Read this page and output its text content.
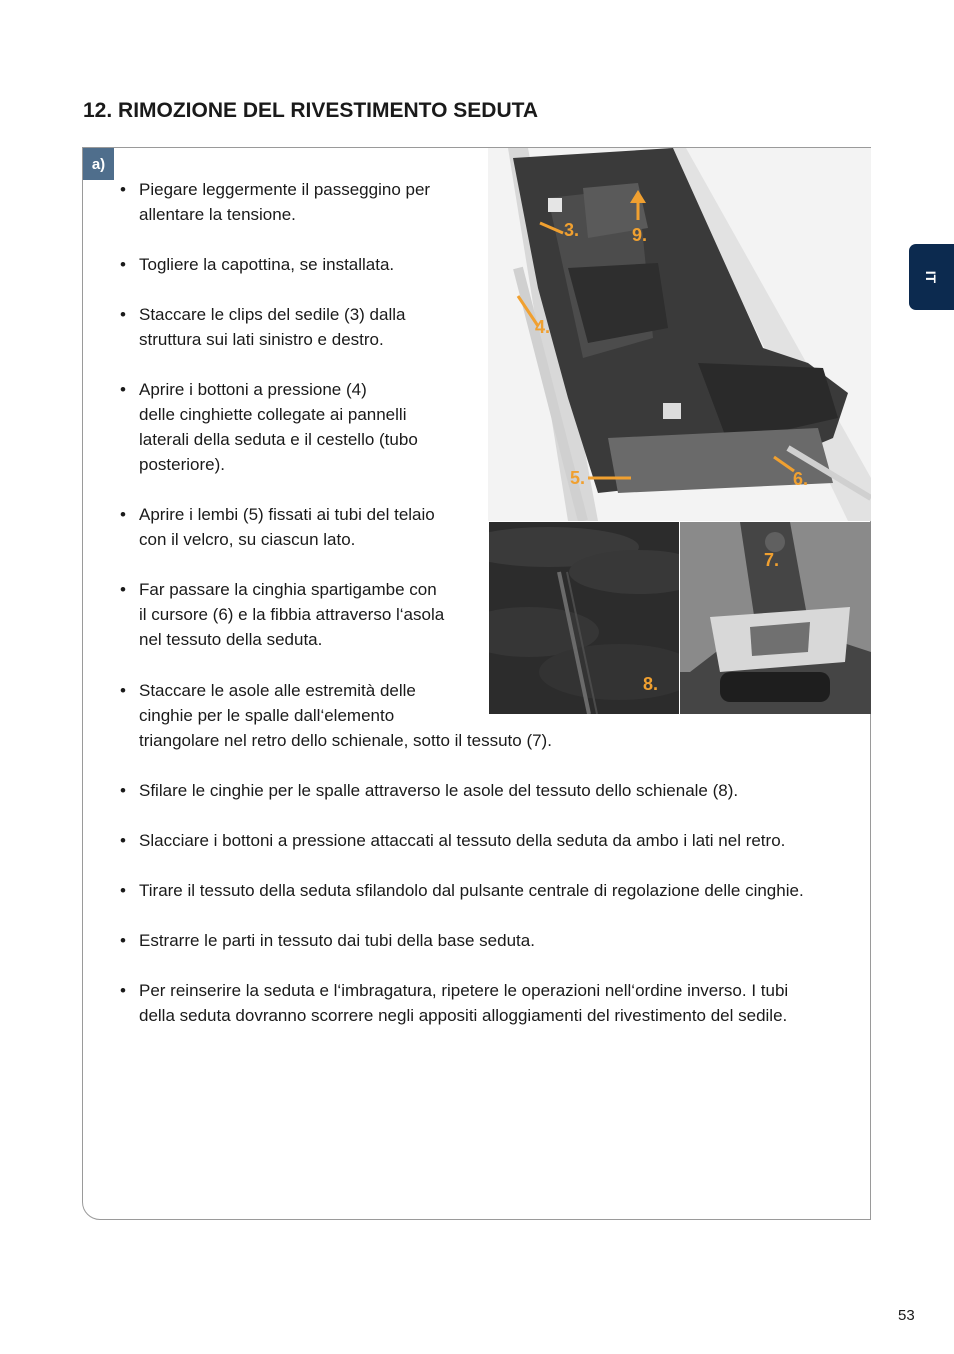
12. RIMOZIONE DEL RIVESTIMENTO SEDUTA
a)
IT
• Piegare leggermente il passeggino per
allentare la tensione.
• Togliere la capottina, se installata.
• Staccare le clips del sedile (3) dalla
struttura sui lati sinistro e destro.
• Aprire i bottoni a pressione (4)
delle cinghiette collegate ai pannelli
laterali della seduta e il cestello (tubo
posteriore).
• Aprire i lembi (5) fissati ai tubi del telaio
con il velcro, su ciascun lato.
• Far passare la cinghia spartigambe con
il cursore (6) e la fibbia attraverso l‘asola
nel tessuto della seduta.
• Staccare le asole alle estremità delle
cinghie per le spalle dall‘elemento
triangolare nel retro dello schienale, sotto il tessuto (7).
• Sfilare le cinghie per le spalle attraverso le asole del tessuto dello schienale (8).
• Slacciare i bottoni a pressione attaccati al tessuto della seduta da ambo i lati nel retro.
• Tirare il tessuto della seduta sfilandolo dal pulsante centrale di regolazione delle cinghie.
• Estrarre le parti in tessuto dai tubi della base seduta.
• Per reinserire la seduta e l‘imbragatura, ripetere le operazioni nell‘ordine inverso. I tubi
della seduta dovranno scorrere negli appositi alloggiamenti del rivestimento del sedile.
3.	9.
4.
5.	6.
7.
8.
53
